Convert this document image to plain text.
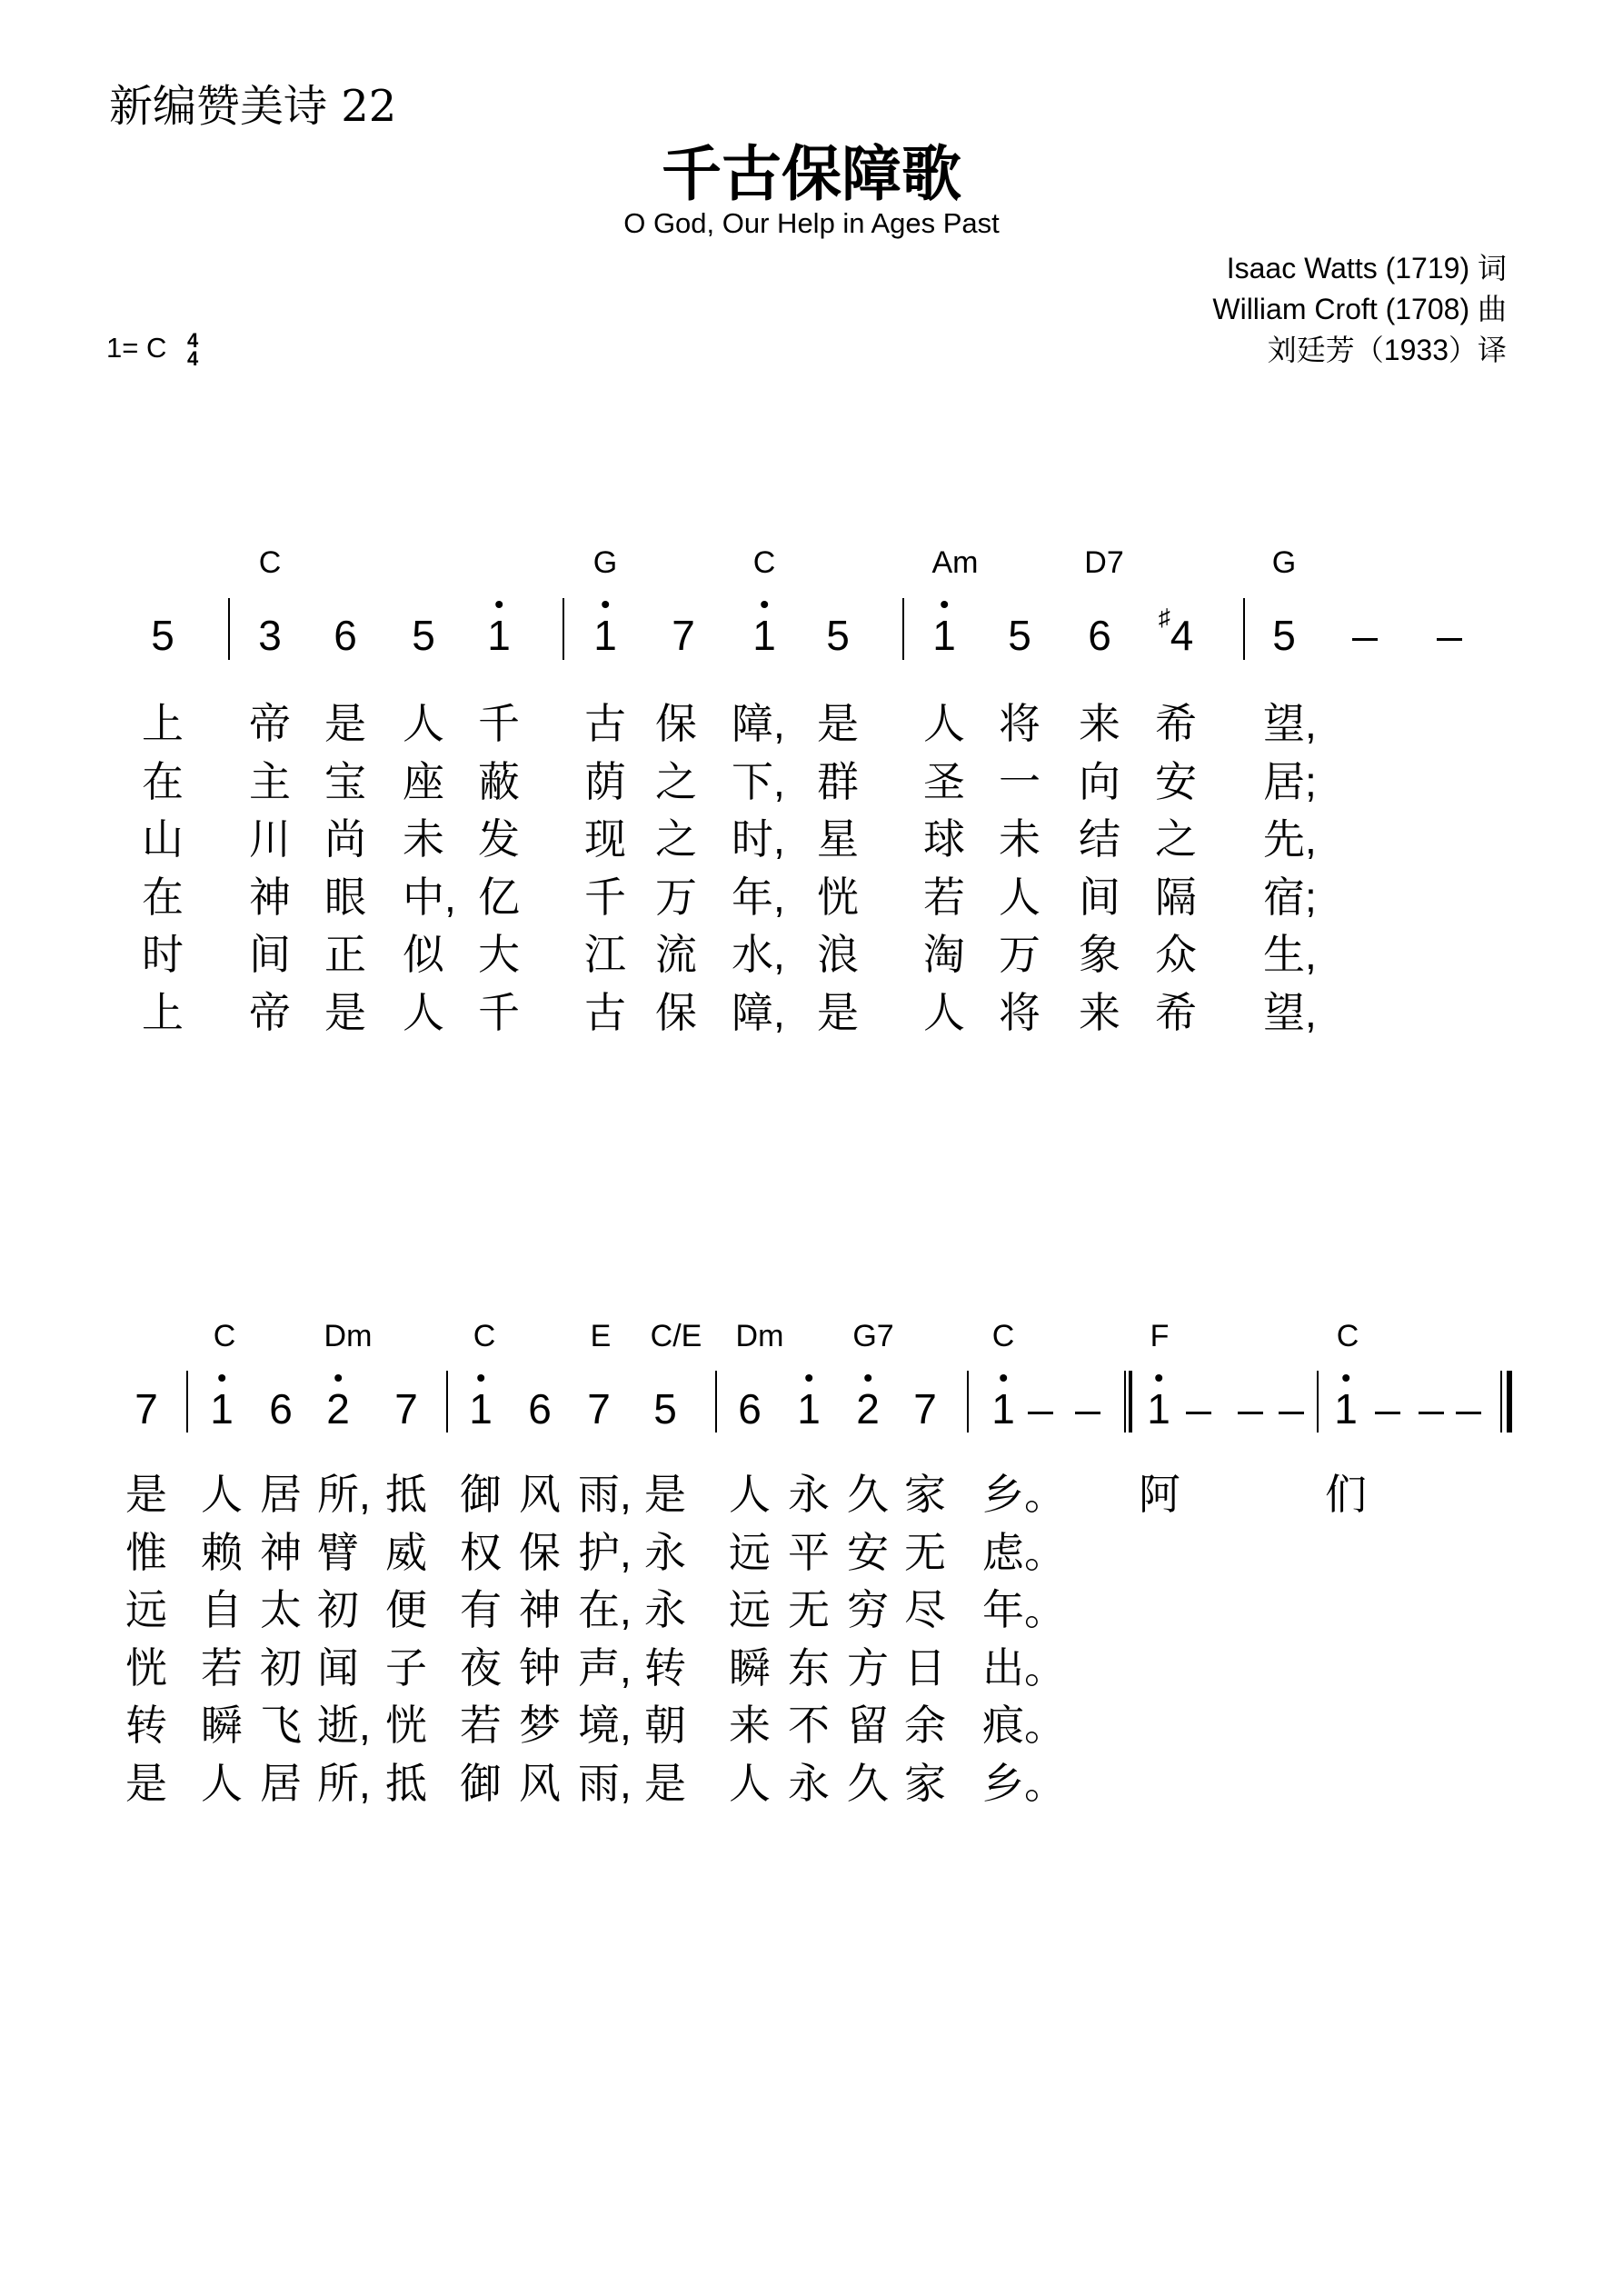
新编赞美诗 22
千古保障歌
O God, Our Help in Ages Past
Isaac Watts (1719) 词
William Croft (1708) 曲
刘廷芳（1933）译
1= C 4
4
C	G	C	Am	D7	G
5 3 6 5 1 1 7 1 5 1 5 6 ♯4 5
上 帝 是 人 千 古 保 障, 是 人 将 来 希 望,
在 主 宝 座 蔽 荫 之 下, 群 圣 一 向 安 居;
山 川 尚 未 发 现 之 时, 星 球 未 结 之 先,
在 神 眼 中, 亿 千 万 年, 恍 若 人 间 隔 宿;
时 间 正 似 大 江 流 水, 浪 淘 万 象 众 生,
上 帝 是 人 千 古 保 障, 是 人 将 来 希 望,
C	Dm	C	E C/E Dm G7	C	F	C
7 1 6 2 7 1 6 7 5 6 1 2 7 1	1	1
是 人 居 所, 抵 御 风 雨, 是 人 永 久 家 乡。 阿	们
惟 赖 神 臂 威 权 保 护, 永 远 平 安 无 虑。
远 自 太 初 便 有 神 在, 永 远 无 穷 尽 年。
恍 若 初 闻 子 夜 钟 声, 转 瞬 东 方 日 出。
转 瞬 飞 逝, 恍 若 梦 境, 朝 来 不 留 余 痕。
是 人 居 所, 抵 御 风 雨, 是 人 永 久 家 乡。
